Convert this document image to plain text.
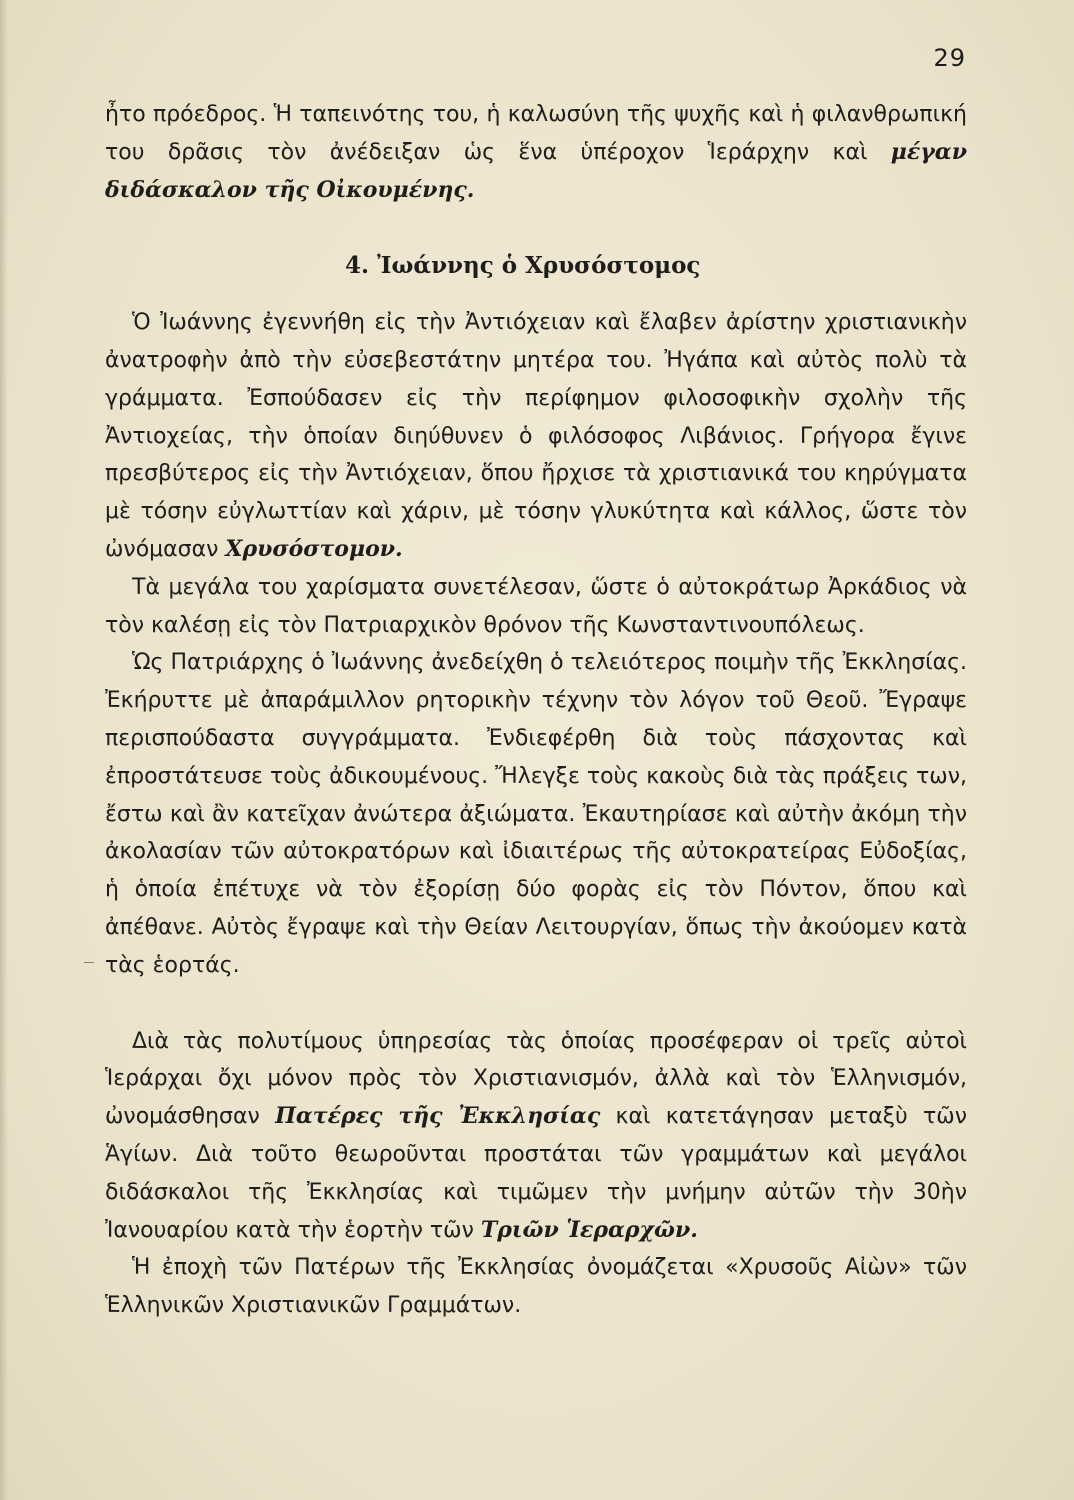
29

ἦτο πρόεδρος. Ἡ ταπεινότης του, ἡ καλωσύνη τῆς ψυχῆς καὶ ἡ φιλανθρωπική του δρᾶσις τὸν ἀνέδειξαν ὡς ἕνα ὑπέροχον Ἱεράρχην καὶ μέγαν διδάσκαλον τῆς Οἰκουμένης.

4. Ἰωάννης ὁ Χρυσόστομος

Ὁ Ἰωάννης ἐγεννήθη εἰς τὴν Ἀντιόχειαν καὶ ἔλαβεν ἀρίστην χριστιανικὴν ἀνατροφὴν ἀπὸ τὴν εὐσεβεστάτην μητέρα του. Ἠγάπα καὶ αὐτὸς πολὺ τὰ γράμματα. Ἐσπούδασεν εἰς τὴν περίφημον φιλοσοφικὴν σχολὴν τῆς Ἀντιοχείας, τὴν ὁποίαν διηύθυνεν ὁ φιλόσοφος Λιβάνιος. Γρήγορα ἔγινε πρεσβύτερος εἰς τὴν Ἀντιόχειαν, ὅπου ἤρχισε τὰ χριστιανικά του κηρύγματα μὲ τόσην εὐγλωττίαν καὶ χάριν, μὲ τόσην γλυκύτητα καὶ κάλλος, ὥστε τὸν ὠνόμασαν Χρυσόστομον.

Τὰ μεγάλα του χαρίσματα συνετέλεσαν, ὥστε ὁ αὐτοκράτωρ Ἀρκάδιος νὰ τὸν καλέσῃ εἰς τὸν Πατριαρχικὸν θρόνον τῆς Κωνσταντινουπόλεως.

Ὡς Πατριάρχης ὁ Ἰωάννης ἀνεδείχθη ὁ τελειότερος ποιμὴν τῆς Ἐκκλησίας. Ἐκήρυττε μὲ ἀπαράμιλλον ρητορικὴν τέχνην τὸν λόγον τοῦ Θεοῦ. Ἔγραψε περισπούδαστα συγγράμματα. Ἐνδιεφέρθη διὰ τοὺς πάσχοντας καὶ ἐπροστάτευσε τοὺς ἀδικουμένους. Ἤλεγξε τοὺς κακοὺς διὰ τὰς πράξεις των, ἔστω καὶ ἂν κατεῖχαν ἀνώτερα ἀξιώματα. Ἐκαυτηρίασε καὶ αὐτὴν ἀκόμη τὴν ἀκολασίαν τῶν αὐτοκρατόρων καὶ ἰδιαιτέρως τῆς αὐτοκρατείρας Εὐδοξίας, ἡ ὁποία ἐπέτυχε νὰ τὸν ἐξορίσῃ δύο φορὰς εἰς τὸν Πόντον, ὅπου καὶ ἀπέθανε. Αὐτὸς ἔγραψε καὶ τὴν Θείαν Λειτουργίαν, ὅπως τὴν ἀκούομεν κατὰ τὰς ἑορτάς.

Διὰ τὰς πολυτίμους ὑπηρεσίας τὰς ὁποίας προσέφεραν οἱ τρεῖς αὐτοὶ Ἱεράρχαι ὄχι μόνον πρὸς τὸν Χριστιανισμόν, ἀλλὰ καὶ τὸν Ἑλληνισμόν, ὠνομάσθησαν Πατέρες τῆς Ἐκκλησίας καὶ κατετάγησαν μεταξὺ τῶν Ἁγίων. Διὰ τοῦτο θεωροῦνται προστάται τῶν γραμμάτων καὶ μεγάλοι διδάσκαλοι τῆς Ἐκκλησίας καὶ τιμῶμεν τὴν μνήμην αὐτῶν τὴν 30ὴν Ἰανουαρίου κατὰ τὴν ἑορτὴν τῶν Τριῶν Ἱεραρχῶν.

Ἡ ἐποχὴ τῶν Πατέρων τῆς Ἐκκλησίας ὀνομάζεται «Χρυσοῦς Αἰὼν» τῶν Ἑλληνικῶν Χριστιανικῶν Γραμμάτων.
